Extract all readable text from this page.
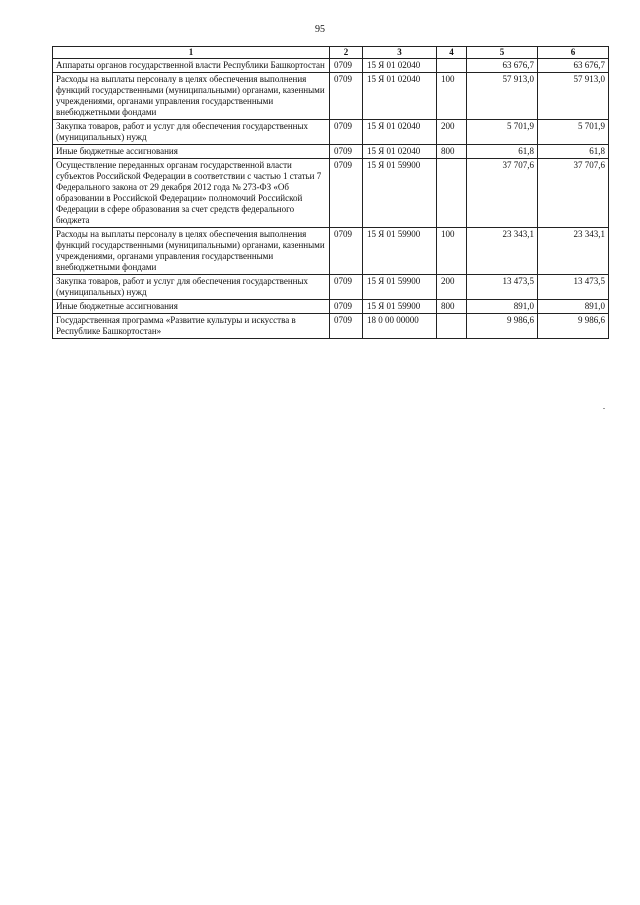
95
1	2	3	4	5	6
Аппараты органов государственной власти Республики Башкортостан	0709	15 Я 01 02040		63 676,7	63 676,7
Расходы на выплаты персоналу в целях обеспечения выполнения функций государственными (муниципальными) органами, казенными учреждениями, органами управления государственными внебюджетными фондами	0709	15 Я 01 02040	100	57 913,0	57 913,0
Закупка товаров, работ и услуг для обеспечения государственных (муниципальных) нужд	0709	15 Я 01 02040	200	5 701,9	5 701,9
Иные бюджетные ассигнования	0709	15 Я 01 02040	800	61,8	61,8
Осуществление переданных органам государственной власти субъектов Российской Федерации в соответствии с частью 1 статьи 7 Федерального закона от 29 декабря 2012 года № 273-ФЗ «Об образовании в Российской Федерации» полномочий Российской Федерации в сфере образования за счет средств федерального бюджета	0709	15 Я 01 59900		37 707,6	37 707,6
Расходы на выплаты персоналу в целях обеспечения выполнения функций государственными (муниципальными) органами, казенными учреждениями, органами управления государственными внебюджетными фондами	0709	15 Я 01 59900	100	23 343,1	23 343,1
Закупка товаров, работ и услуг для обеспечения государственных (муниципальных) нужд	0709	15 Я 01 59900	200	13 473,5	13 473,5
Иные бюджетные ассигнования	0709	15 Я 01 59900	800	891,0	891,0
Государственная программа «Развитие культуры и искусства в Республике Башкортостан»	0709	18 0 00 00000		9 986,6	9 986,6
